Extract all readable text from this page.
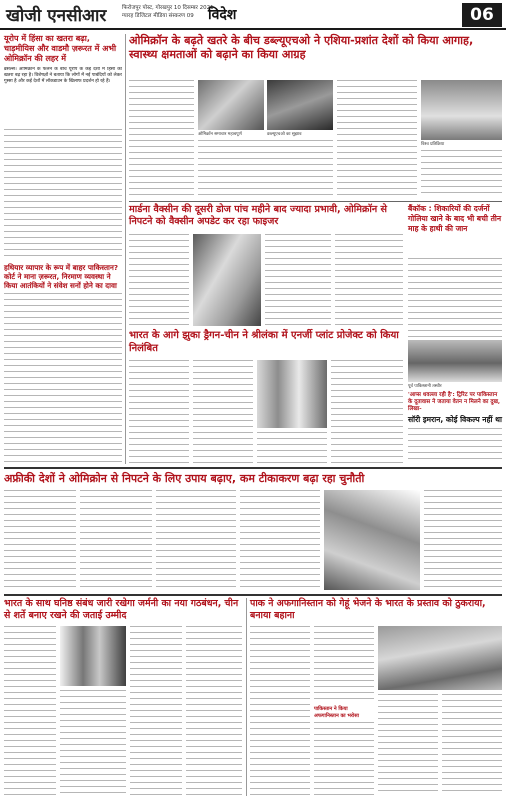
खोजी एनसीआर	फिरोजपुर पोस्ट, गोरखपुर 10 दिसम्बर 2021
ग्यारह डिजिटल मीडिया संस्करण 09	विदेश	06
यूरोप में हिंसा का खतरा बढ़ा, चाड़मीयिस और वाडमौ ज़रूरत में अभी ओमिक्रॉन की लहर में
ब्रसेल्स। ओमिक्रॉन के फैलने के बीच यूरोप के कई देशों में हिंसा का खतरा बढ़ रहा है। विशेषज्ञों ने बताया कि लोगों में नई पाबंदियों को लेकर गुस्सा है और कई देशों में लॉकडाउन के खिलाफ प्रदर्शन हो रहे हैं।
हथियार व्यापार के रूप में बाहर पाकिस्तान? कोर्ट ने माना ज़रूरत, निरमाण व्यवस्था ने किया आतंकियों ने संवेश सनों होने का दावा
ओमिक्रॉन के बढ़ते खतरे के बीच डब्ल्यूएचओ ने एशिया-प्रशांत देशों को किया आगाह, स्वास्थ्य क्षमताओं को बढ़ाने का किया आग्रह
ओमिक्रॉन समाचार महत्वपूर्ण	डब्ल्यूएचओ का सुझाव
विश्व प्रतिक्रिया
मार्डना वैक्सीन की दूसरी डोज पांच महीने बाद ज्यादा प्रभावी, ओमिक्रॉन से निपटने को वैक्सीन अपडेट कर रहा फाइजर
बैंकॉक : शिकारियों की दर्जनों गोलिया खाने के बाद भी बची तीन माह के हाथी की जान
भारत के आगे झुका ड्रैगन-चीन ने श्रीलंका में एनर्जी प्लांट प्रोजेक्ट को किया निलंबित
पूर्व पाकिस्तानी तस्वीर
'आप्स धवल्ला रही है': ट्रिरिट पर पाकिस्तान के दूतावास ने जताया वेतन न मिलने का दुख, लिखा-
सॉरी इमरान, कोई विकल्प नहीं था
अफ्रीकी देशों ने ओमिक्रोन से निपटने के लिए उपाय बढ़ाए, कम टीकाकरण बढ़ा रहा चुनौती
भारत के साथ घनिष्ठ संबंध जारी रखेगा जर्मनी का नया गठबंधन, चीन से शर्ते बनाए रखने की जताई उम्मीद
पाक ने अफगानिस्तान को गेहूं भेजने के भारत के प्रस्ताव को ठुकराया, बनाया बहाना
पाकिस्तान ने किया अफगानिस्तान का भरोसा
